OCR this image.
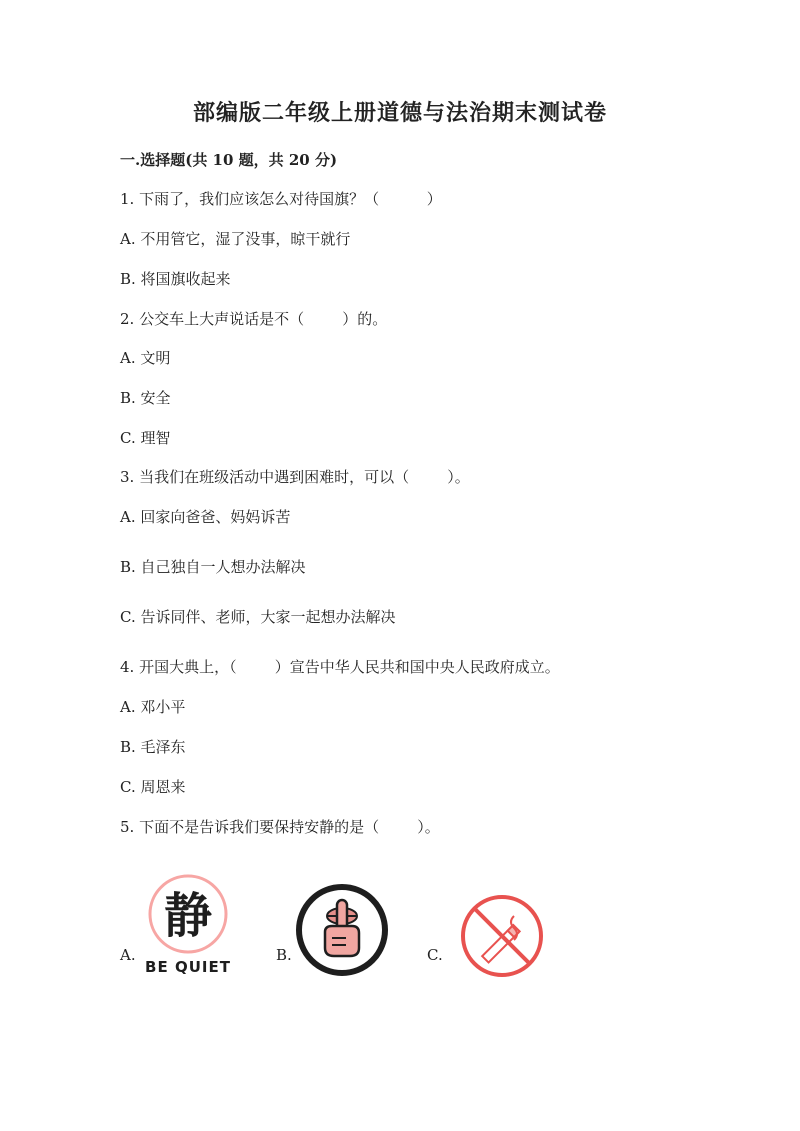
部编版二年级上册道德与法治期末测试卷
一.选择题(共 10 题，共 20 分)
1. 下雨了，我们应该怎么对待国旗？（          ）
A. 不用管它，湿了没事，晾干就行
B. 将国旗收起来
2. 公交车上大声说话是不（        ）的。
A. 文明
B. 安全
C. 理智
3. 当我们在班级活动中遇到困难时，可以（        ）。
A. 回家向爸爸、妈妈诉苦
B. 自己独自一人想办法解决
C. 告诉同伴、老师，大家一起想办法解决
4. 开国大典上，（        ）宣告中华人民共和国中央人民政府成立。
A. 邓小平
B. 毛泽东
C. 周恩来
5. 下面不是告诉我们要保持安静的是（        ）。
A.
静
BE QUIET
B.	C.
